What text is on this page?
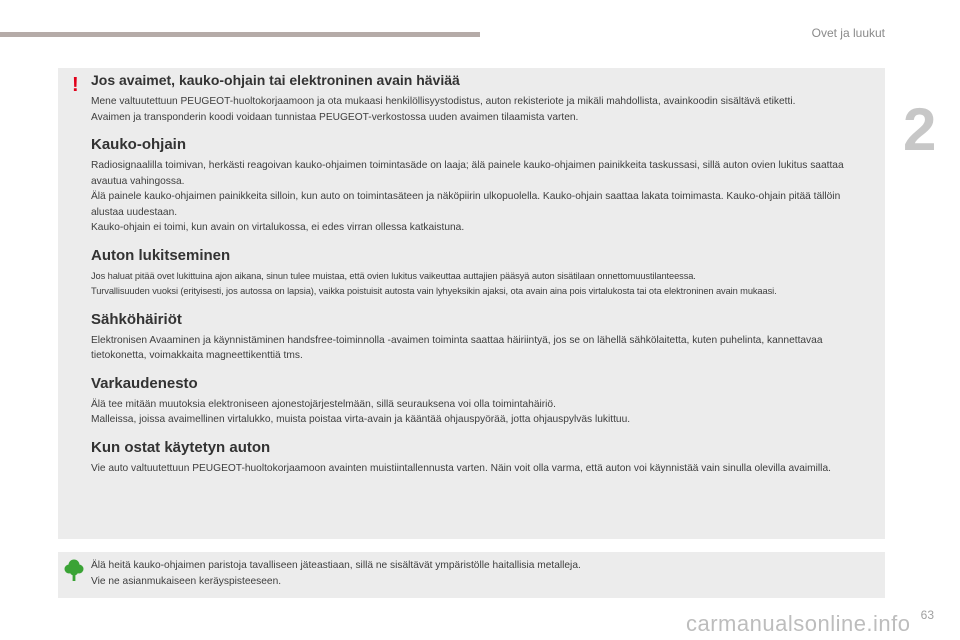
Ovet ja luukut
2
! Jos avaimet, kauko-ohjain tai elektroninen avain häviää

Mene valtuutettuun PEUGEOT-huoltokorjaamoon ja ota mukaasi henkilöllisyystodistus, auton rekisteriote ja mikäli mahdollista, avainkoodin sisältävä etiketti.

Avaimen ja transponderin koodi voidaan tunnistaa PEUGEOT-verkostossa uuden avaimen tilaamista varten.

Kauko-ohjain

Radiosignaalilla toimivan, herkästi reagoivan kauko-ohjaimen toimintasäde on laaja; älä painele kauko-ohjaimen painikkeita taskussasi, sillä auton ovien lukitus saattaa avautua vahingossa.

Älä painele kauko-ohjaimen painikkeita silloin, kun auto on toimintasäteen ja näköpiirin ulkopuolella. Kauko-ohjain saattaa lakata toimimasta. Kauko-ohjain pitää tällöin alustaa uudestaan.

Kauko-ohjain ei toimi, kun avain on virtalukossa, ei edes virran ollessa katkaistuna.

Auton lukitseminen

Jos haluat pitää ovet lukittuina ajon aikana, sinun tulee muistaa, että ovien lukitus vaikeuttaa auttajien pääsyä auton sisätilaan onnettomuustilanteessa.

Turvallisuuden vuoksi (erityisesti, jos autossa on lapsia), vaikka poistuisit autosta vain lyhyeksikin ajaksi, ota avain aina pois virtalukosta tai ota elektroninen avain mukaasi.

Sähköhäiriöt

Elektronisen Avaaminen ja käynnistäminen handsfree-toiminnolla -avaimen toiminta saattaa häiriintyä, jos se on lähellä sähkölaitetta, kuten puhelinta, kannettavaa tietokonetta, voimakkaita magneettikenttiä tms.

Varkaudenesto

Älä tee mitään muutoksia elektroniseen ajonestojärjestelmään, sillä seurauksena voi olla toimintahäiriö.

Malleissa, joissa avaimellinen virtalukko, muista poistaa virta-avain ja kääntää ohjauspyörää, jotta ohjauspylväs lukittuu.

Kun ostat käytetyn auton

Vie auto valtuutettuun PEUGEOT-huoltokorjaamoon avainten muistiintallennusta varten. Näin voit olla varma, että auton voi käynnistää vain sinulla olevilla avaimilla.

Älä heitä kauko-ohjaimen paristoja tavalliseen jäteastiaan, sillä ne sisältävät ympäristölle haitallisia metalleja.

Vie ne asianmukaiseen keräyspisteeseen.

63
carmanualsonline.info
